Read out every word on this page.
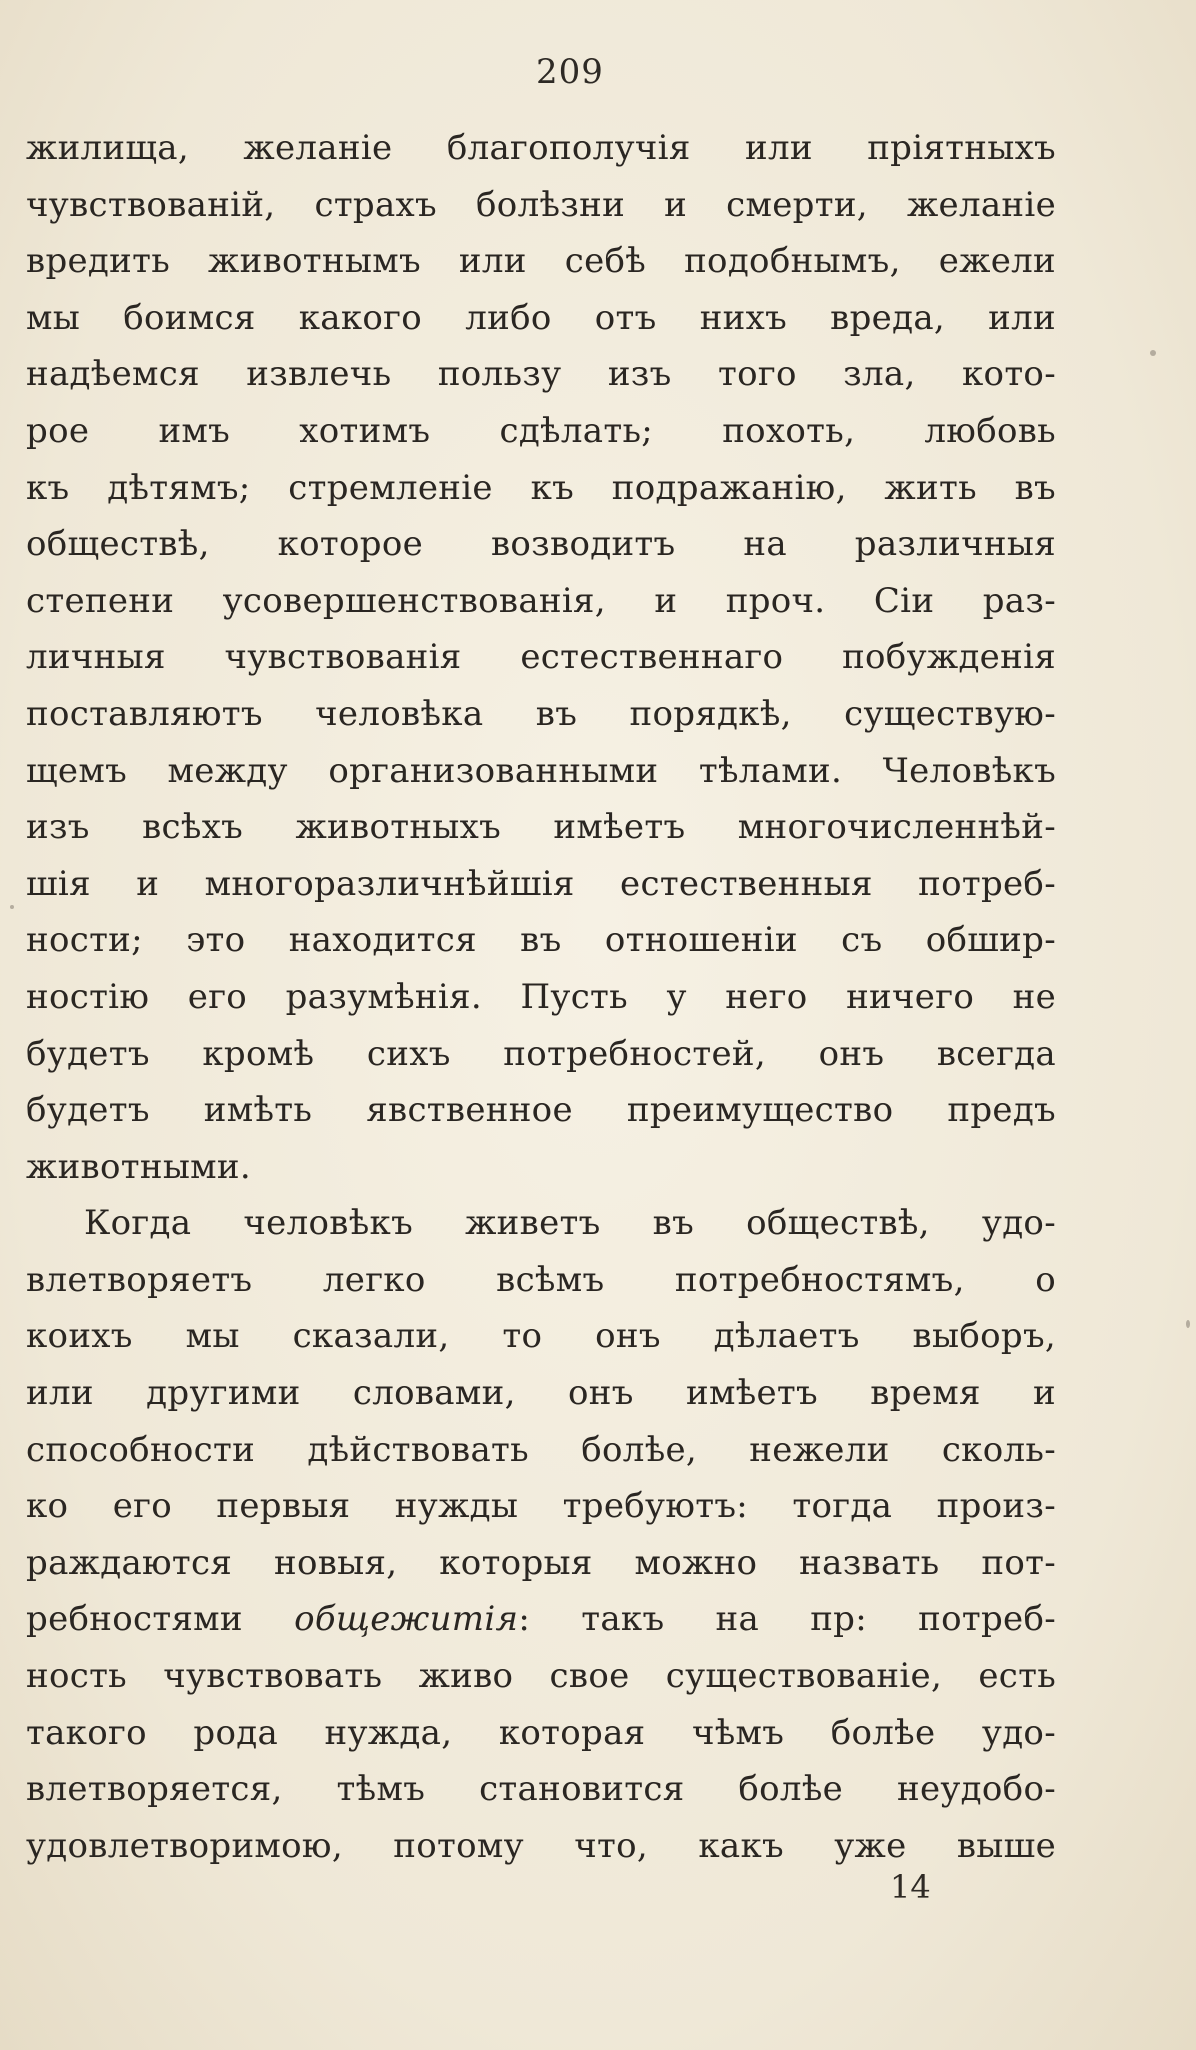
209
жилища, желаніе благополучія или пріятныхъ
чувствованій, страхъ болѣзни и смерти, желаніе
вредить животнымъ или себѣ подобнымъ, ежели
мы боимся какого либо отъ нихъ вреда, или
надѣемся извлечь пользу изъ того зла, кото-
рое имъ хотимъ сдѣлать; похоть, любовь
къ дѣтямъ; стремленіе къ подражанію, жить въ
обществѣ, которое возводитъ на различныя
степени усовершенствованія, и проч. Сіи раз-
личныя чувствованія естественнаго побужденія
поставляютъ человѣка въ порядкѣ, существую-
щемъ между организованными тѣлами. Человѣкъ
изъ всѣхъ животныхъ имѣетъ многочисленнѣй-
шія и многоразличнѣйшія естественныя потреб-
ности; это находится въ отношеніи съ обшир-
ностію его разумѣнія. Пусть у него ничего не
будетъ кромѣ сихъ потребностей, онъ всегда
будетъ имѣть явственное преимущество предъ
животными.
Когда человѣкъ живетъ въ обществѣ, удо-
влетворяетъ легко всѣмъ потребностямъ, о
коихъ мы сказали, то онъ дѣлаетъ выборъ,
или другими словами, онъ имѣетъ время и
способности дѣйствовать болѣе, нежели сколь-
ко его первыя нужды требуютъ: тогда произ-
раждаются новыя, которыя можно назвать пот-
ребностями общежитія: такъ на пр: потреб-
ность чувствовать живо свое существованіе, есть
такого рода нужда, которая чѣмъ болѣе удо-
влетворяется, тѣмъ становится болѣе неудобо-
удовлетворимою, потому что, какъ уже выше
14
